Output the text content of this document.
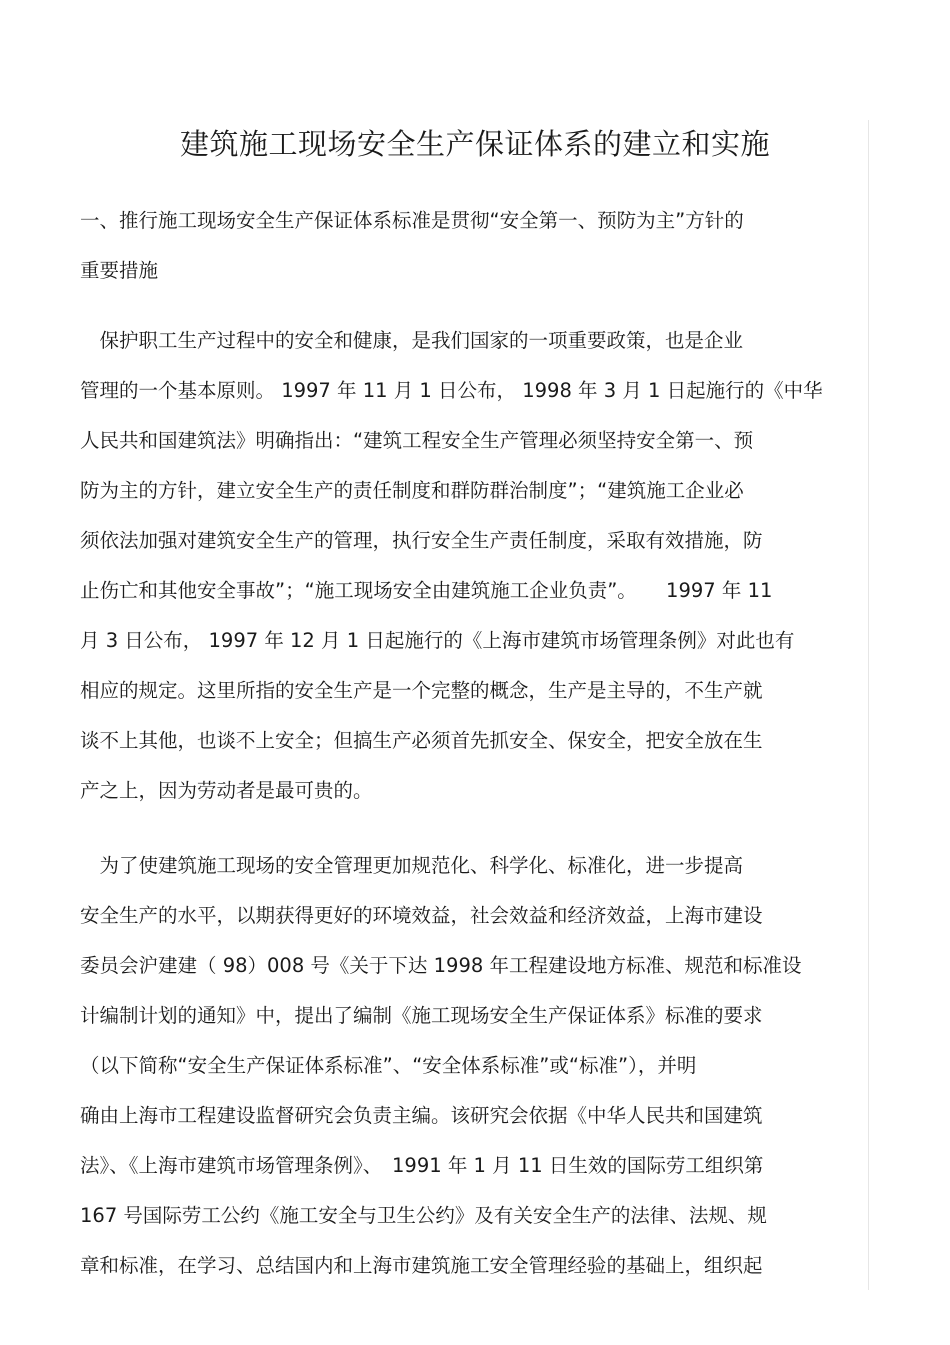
建筑施工现场安全生产保证体系的建立和实施
一、推行施工现场安全生产保证体系标准是贯彻“安全第一、预防为主”方针的
重要措施
　保护职工生产过程中的安全和健康，是我们国家的一项重要政策，也是企业
管理的一个基本原则。 1997 年 11 月 1 日公布， 1998 年 3 月 1 日起施行的《中华
人民共和国建筑法》明确指出：“建筑工程安全生产管理必须坚持安全第一、预
防为主的方针，建立安全生产的责任制度和群防群治制度”；“建筑施工企业必
须依法加强对建筑安全生产的管理，执行安全生产责任制度，采取有效措施，防
止伤亡和其他安全事故”；“施工现场安全由建筑施工企业负责”。　　1997 年 11
月 3 日公布， 1997 年 12 月 1 日起施行的《上海市建筑市场管理条例》对此也有
相应的规定。这里所指的安全生产是一个完整的概念，生产是主导的，不生产就
谈不上其他，也谈不上安全；但搞生产必须首先抓安全、保安全，把安全放在生
产之上，因为劳动者是最可贵的。
　为了使建筑施工现场的安全管理更加规范化、科学化、标准化，进一步提高
安全生产的水平，以期获得更好的环境效益，社会效益和经济效益，上海市建设
委员会沪建建（ 98）008 号《关于下达 1998 年工程建设地方标准、规范和标准设
计编制计划的通知》中，提出了编制《施工现场安全生产保证体系》标准的要求
（以下简称“安全生产保证体系标准”、“安全体系标准”或“标准”），并明
确由上海市工程建设监督研究会负责主编。该研究会依据《中华人民共和国建筑
法》、《上海市建筑市场管理条例》、　1991 年 1 月 11 日生效的国际劳工组织第
167 号国际劳工公约《施工安全与卫生公约》及有关安全生产的法律、法规、规
章和标准，在学习、总结国内和上海市建筑施工安全管理经验的基础上，组织起
